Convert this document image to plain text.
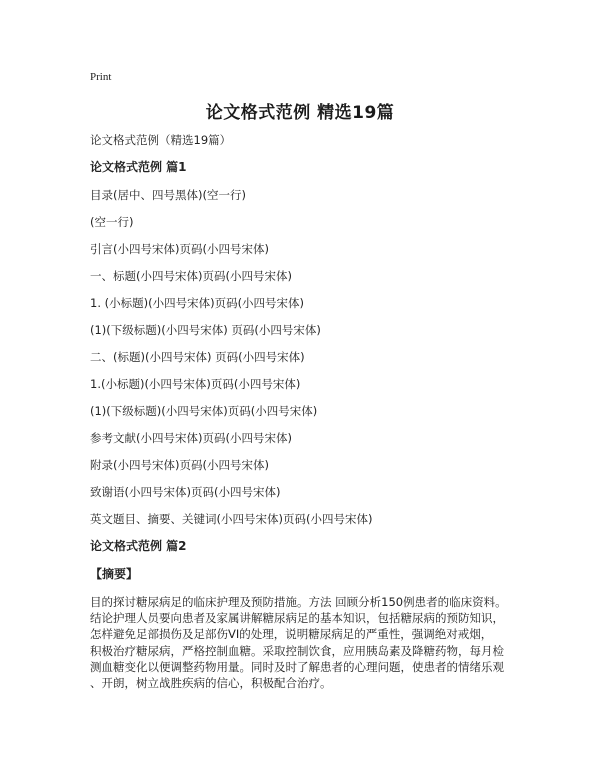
Print
论文格式范例 精选19篇
论文格式范例（精选19篇）
论文格式范例 篇1
目录(居中、四号黑体)(空一行)
(空一行)
引言(小四号宋体)页码(小四号宋体)
一、标题(小四号宋体)页码(小四号宋体)
1. (小标题)(小四号宋体)页码(小四号宋体)
(1)(下级标题)(小四号宋体) 页码(小四号宋体)
二、(标题)(小四号宋体) 页码(小四号宋体)
1.(小标题)(小四号宋体)页码(小四号宋体)
(1)(下级标题)(小四号宋体)页码(小四号宋体)
参考文献(小四号宋体)页码(小四号宋体)
附录(小四号宋体)页码(小四号宋体)
致谢语(小四号宋体)页码(小四号宋体)
英文题目、摘要、关键词(小四号宋体)页码(小四号宋体)
论文格式范例 篇2
【摘要】
目的探讨糖尿病足的临床护理及预防措施。方法 回顾分析150例患者的临床资料。
结论护理人员要向患者及家属讲解糖尿病足的基本知识，包括糖尿病的预防知识，
怎样避免足部损伤及足部伤VI的处理，说明糖尿病足的严重性，强调绝对戒烟，
积极治疗糖尿病，严格控制血糖。采取控制饮食，应用胰岛素及降糖药物，每月检
测血糖变化以便调整药物用量。同时及时了解患者的心理问题，使患者的情绪乐观
、开朗，树立战胜疾病的信心，积极配合治疗。
